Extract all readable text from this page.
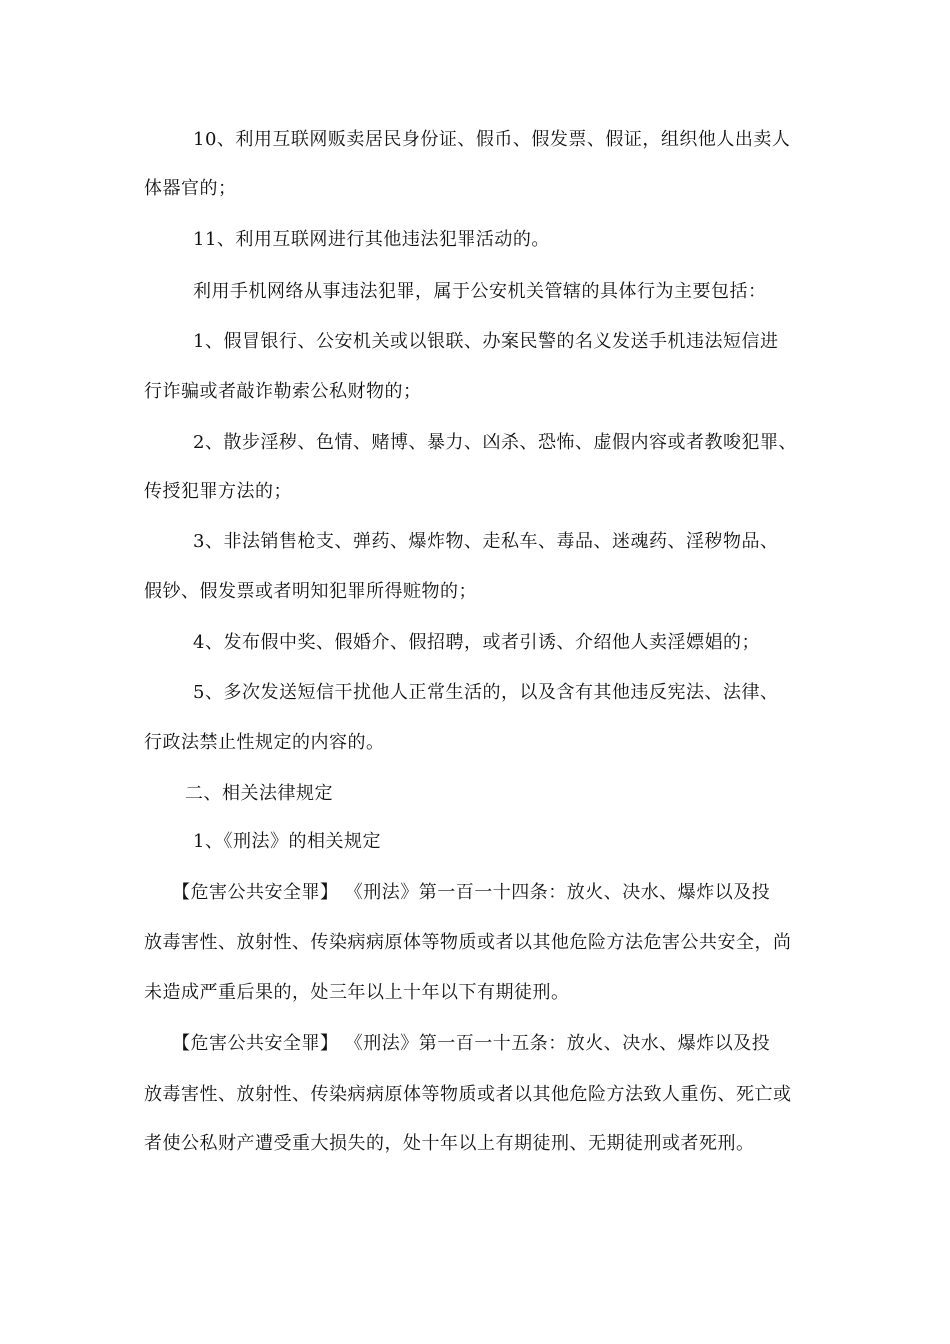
10、利用互联网贩卖居民身份证、假币、假发票、假证，组织他人出卖人
体器官的；
11、利用互联网进行其他违法犯罪活动的。
利用手机网络从事违法犯罪，属于公安机关管辖的具体行为主要包括：
1、假冒银行、公安机关或以银联、办案民警的名义发送手机违法短信进
行诈骗或者敲诈勒索公私财物的；
2、散步淫秽、色情、赌博、暴力、凶杀、恐怖、虚假内容或者教唆犯罪、
传授犯罪方法的；
3、非法销售枪支、弹药、爆炸物、走私车、毒品、迷魂药、淫秽物品、
假钞、假发票或者明知犯罪所得赃物的；
4、发布假中奖、假婚介、假招聘，或者引诱、介绍他人卖淫嫖娼的；
5、多次发送短信干扰他人正常生活的，以及含有其他违反宪法、法律、
行政法禁止性规定的内容的。
二、相关法律规定
1、《刑法》的相关规定
【危害公共安全罪】 《刑法》第一百一十四条：放火、决水、爆炸以及投
放毒害性、放射性、传染病病原体等物质或者以其他危险方法危害公共安全，尚
未造成严重后果的，处三年以上十年以下有期徒刑。
【危害公共安全罪】 《刑法》第一百一十五条：放火、决水、爆炸以及投
放毒害性、放射性、传染病病原体等物质或者以其他危险方法致人重伤、死亡或
者使公私财产遭受重大损失的，处十年以上有期徒刑、无期徒刑或者死刑。
